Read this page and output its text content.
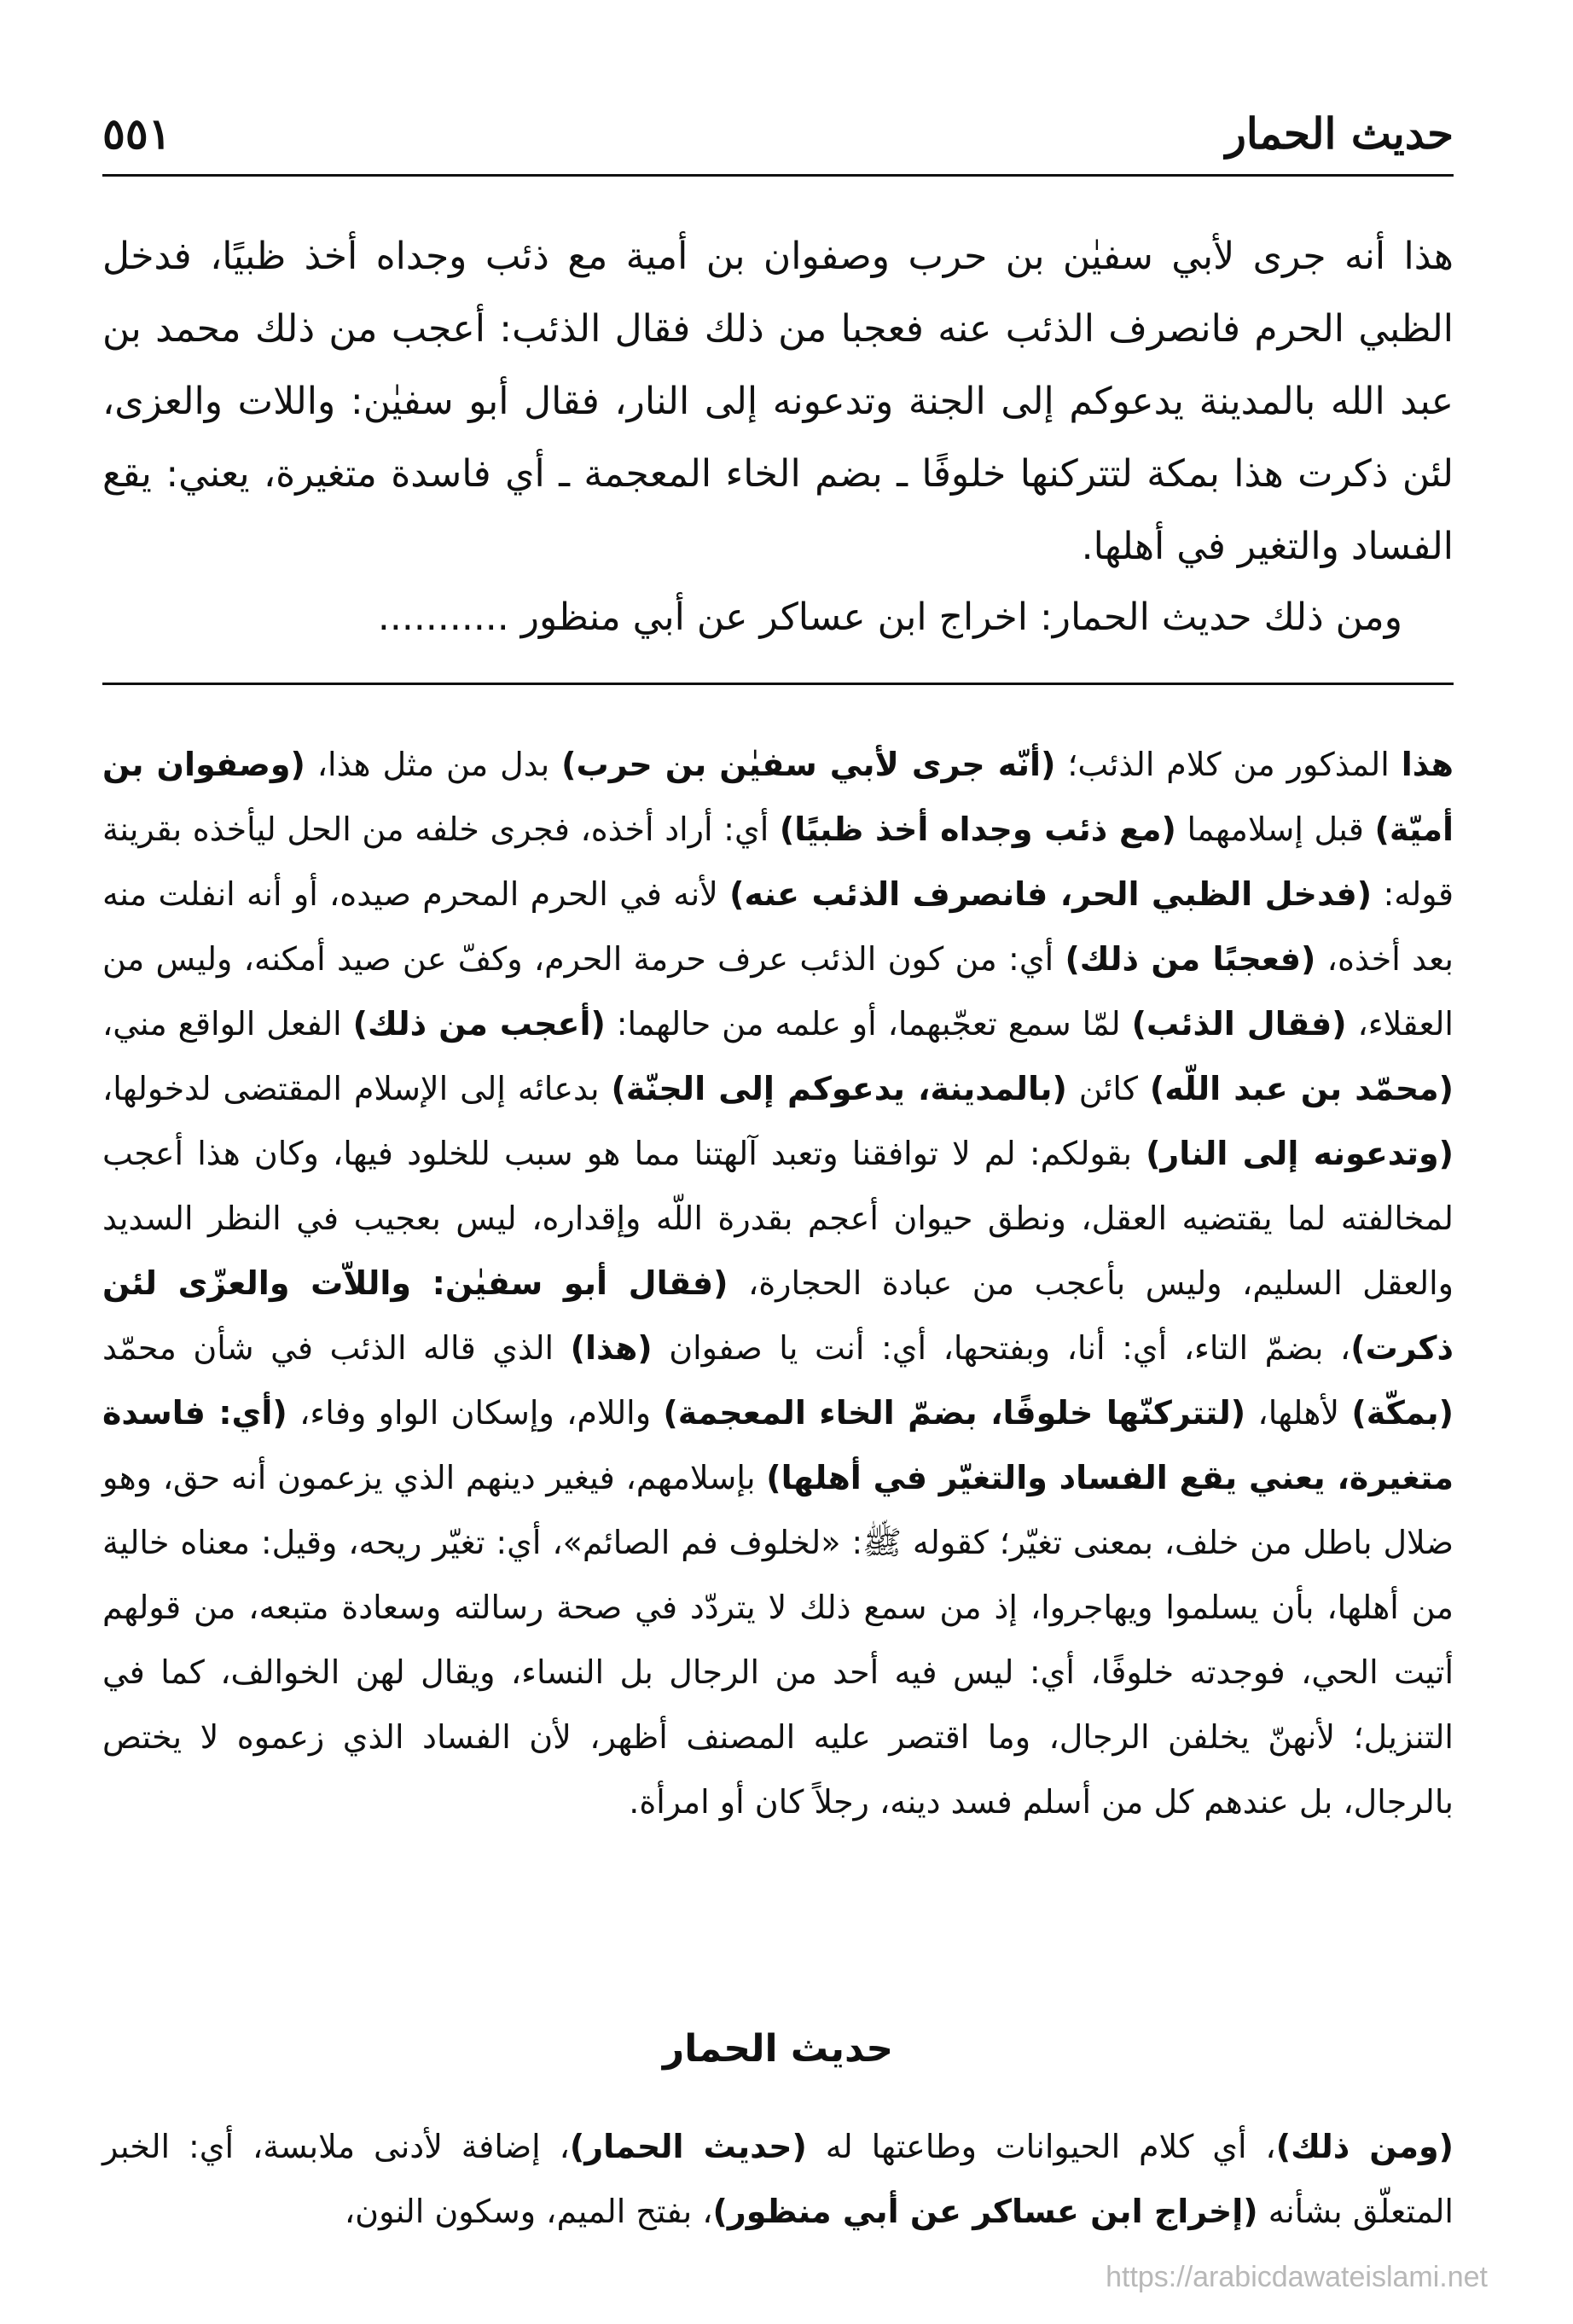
حديث الحمار
٥٥١

هذا أنه جرى لأبي سفيٰن بن حرب وصفوان بن أمية مع ذئب وجداه أخذ ظبيًا، فدخل الظبي الحرم فانصرف الذئب عنه فعجبا من ذلك فقال الذئب: أعجب من ذلك محمد بن عبد الله بالمدينة يدعوكم إلى الجنة وتدعونه إلى النار، فقال أبو سفيٰن: واللات والعزى، لئن ذكرت هذا بمكة لتتركنها خلوفًا ـ بضم الخاء المعجمة ـ أي فاسدة متغيرة، يعني: يقع الفساد والتغير في أهلها.

ومن ذلك حديث الحمار: اخراج ابن عساكر عن أبي منظور...........

هذا المذكور من كلام الذئب؛ (أنّه جرى لأبي سفيٰن بن حرب) بدل من مثل هذا، (وصفوان بن أميّة) قبل إسلامهما (مع ذئب وجداه أخذ ظبيًا) أي: أراد أخذه، فجرى خلفه من الحل ليأخذه بقرينة قوله: (فدخل الظبي الحر، فانصرف الذئب عنه) لأنه في الحرم المحرم صيده، أو أنه انفلت منه بعد أخذه، (فعجبًا من ذلك) أي: من كون الذئب عرف حرمة الحرم، وكفّ عن صيد أمكنه، وليس من العقلاء، (فقال الذئب) لمّا سمع تعجّبهما، أو علمه من حالهما: (أعجب من ذلك) الفعل الواقع مني، (محمّد بن عبد اللّه) كائن (بالمدينة، يدعوكم إلى الجنّة) بدعائه إلى الإسلام المقتضى لدخولها، (وتدعونه إلى النار) بقولكم: لم لا توافقنا وتعبد آلهتنا مما هو سبب للخلود فيها، وكان هذا أعجب لمخالفته لما يقتضيه العقل، ونطق حيوان أعجم بقدرة اللّه وإقداره، ليس بعجيب في النظر السديد والعقل السليم، وليس بأعجب من عبادة الحجارة، (فقال أبو سفيٰن: واللاّت والعزّى لئن ذكرت)، بضمّ التاء، أي: أنا، وبفتحها، أي: أنت يا صفوان (هذا) الذي قاله الذئب في شأن محمّد (بمكّة) لأهلها، (لتتركنّها خلوفًا، بضمّ الخاء المعجمة) واللام، وإسكان الواو وفاء، (أي: فاسدة متغيرة، يعني يقع الفساد والتغيّر في أهلها) بإسلامهم، فيغير دينهم الذي يزعمون أنه حق، وهو ضلال باطل من خلف، بمعنى تغيّر؛ كقوله ﷺ: «لخلوف فم الصائم»، أي: تغيّر ريحه، وقيل: معناه خالية من أهلها، بأن يسلموا ويهاجروا، إذ من سمع ذلك لا يتردّد في صحة رسالته وسعادة متبعه، من قولهم أتيت الحي، فوجدته خلوفًا، أي: ليس فيه أحد من الرجال بل النساء، ويقال لهن الخوالف، كما في التنزيل؛ لأنهنّ يخلفن الرجال، وما اقتصر عليه المصنف أظهر، لأن الفساد الذي زعموه لا يختص بالرجال، بل عندهم كل من أسلم فسد دينه، رجلاً كان أو امرأة.

حديث الحمار

(ومن ذلك)، أي كلام الحيوانات وطاعتها له (حديث الحمار)، إضافة لأدنى ملابسة، أي: الخبر المتعلّق بشأنه (إخراج ابن عساكر عن أبي منظور)، بفتح الميم، وسكون النون،

https://arabicdawateislami.net
